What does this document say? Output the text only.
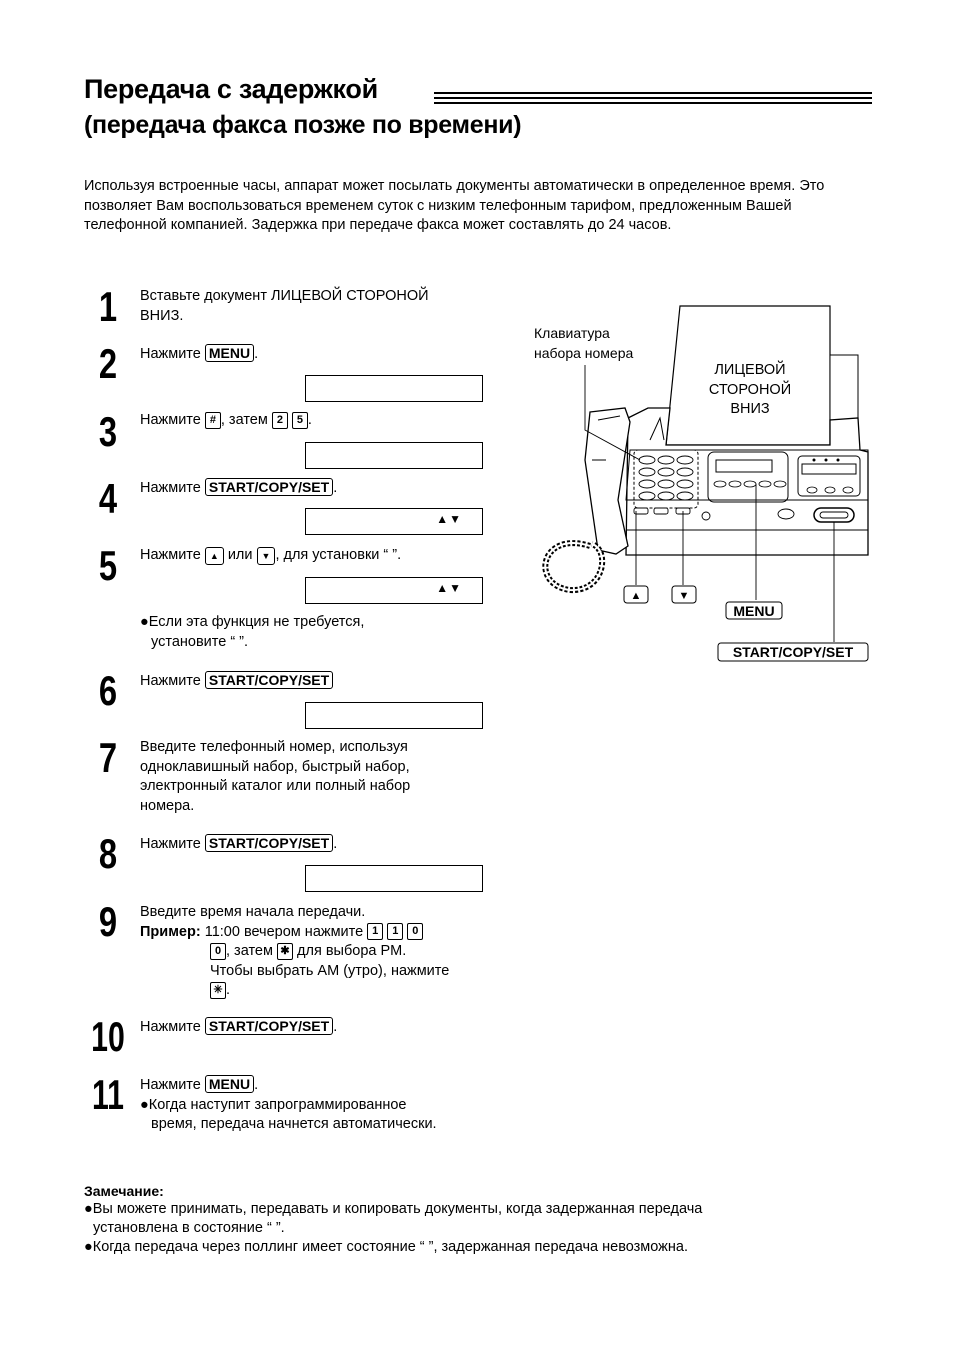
Передача с задержкой
(передача факса позже по времени)
Используя встроенные часы, аппарат может посылать документы автоматически в определенное время. Это позволяет Вам воспользоваться временем суток с низким телефонным тарифом, предложенным Вашей телефонной компанией. Задержка при передаче факса может составлять до 24 часов.
1	Вставьте документ ЛИЦЕВОЙ СТОРОНОЙ
ВНИЗ.
2	Нажмите MENU .
3	Нажмите # , затем 2 5 .
4	Нажмите START/COPY/SET .
▲▼
5	Нажмите ▲ или ▼ , для установки “ ”.
▲▼
●Если эта функция не требуется,
установите “ ”.
6	Нажмите START/COPY/SET
7	Введите телефонный номер, используя
одноклавишный набор, быстрый набор,
электронный каталог или полный набор
номера.
8	Нажмите START/COPY/SET .
9	Введите время начала передачи.
Пример: 11:00 вечером нажмите 1 1 0
0 , затем ✱ для выбора PM.
Чтобы выбрать AM (утро), нажмите
✳ .
10	Нажмите START/COPY/SET .
11	Нажмите MENU .
●Когда наступит запрограммированное
время, передача начнется автоматически.
Клавиатура
набора номера
ЛИЦЕВОЙ
СТОРОНОЙ
ВНИЗ
▲	▼
MENU
START/COPY/SET
Замечание:
●Вы можете принимать, передавать и копировать документы, когда задержанная передача
установлена в состояние “ ”.
●Когда передача через поллинг имеет состояние “ ”, задержанная передача невозможна.
